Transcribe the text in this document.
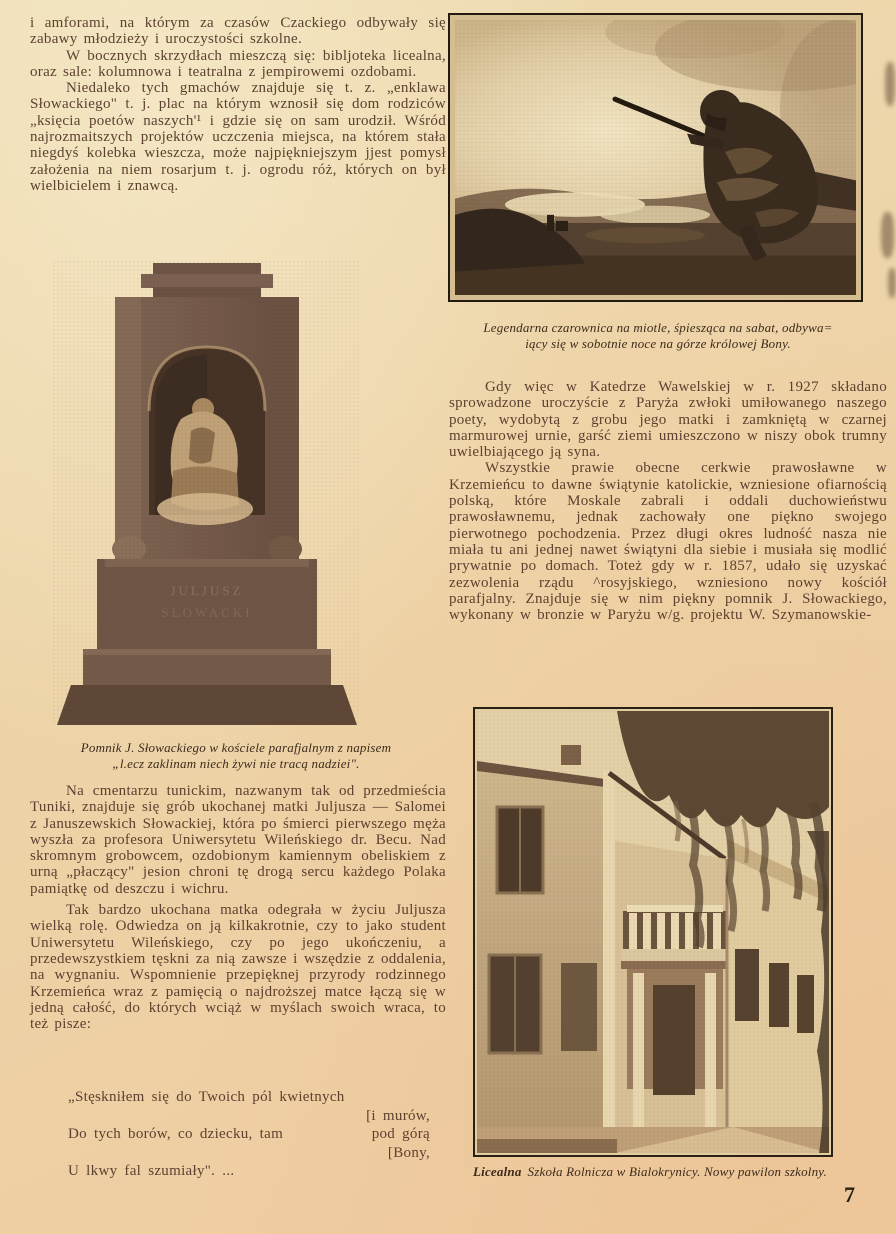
i amforami, na którym za czasów Czackiego odbywały się zabawy młodzieży i uroczystości szkolne.

W bocznych skrzydłach mieszczą się: bibljoteka licealna, oraz sale: kolumnowa i teatralna z jempirowemi ozdobami.

Niedaleko tych gmachów znajduje się t. z. „enklawa Słowackiego" t. j. plac na którym wznosił się dom rodziców „księcia poetów naszych'¹ i gdzie się on sam urodził. Wśród najrozmaitszych projektów uczczenia miejsca, na którem stała niegdyś kolebka wieszcza, może najpiękniejszym jjest pomysł założenia na niem rosarjum t. j. ogrodu róż, których on był wielbicielem i znawcą.

Legendarna czarownica na miotle, śpiesząca na sabat, odbywa=
iący się w sobotnie noce na górze królowej Bony.

Gdy więc w Katedrze Wawelskiej w r. 1927 składano sprowadzone uroczyście z Paryża zwłoki umiłowanego naszego poety, wydobytą z grobu jego matki i zamkniętą w czarnej marmurowej urnie, garść ziemi umieszczono w niszy obok trumny uwielbiającego ją syna.

Wszystkie prawie obecne cerkwie prawosławne w Krzemieńcu to dawne świątynie katolickie, wzniesione ofiarnością polską, które Moskale zabrali i oddali duchowieństwu prawosławnemu, jednak zachowały one piękno swojego pierwotnego pochodzenia. Przez długi okres ludność nasza nie miała tu ani jednej nawet świątyni dla siebie i musiała się modlić prywatnie po domach. Toteż gdy w r. 1857, udało się uzyskać zezwolenia rządu ^rosyjskiego, wzniesiono nowy kościół parafjalny. Znajduje się w nim piękny pomnik J. Słowackiego, wykonany w bronzie w Paryżu w/g. projektu W. Szymanowskie-

JULJUSZ
SŁOWACKI
Pomnik J. Słowackiego w kościele parafjalnym z napisem
„l.ecz zaklinam niech żywi nie tracą nadziei".

Na cmentarzu tunickim, nazwanym tak od przedmieścia Tuniki, znajduje się grób ukochanej matki Juljusza — Salomei z Januszewskich Słowackiej, która po śmierci pierwszego męża wyszła za profesora Uniwersytetu Wileńskiego dr. Becu. Nad skromnym grobowcem, ozdobionym kamiennym obeliskiem z urną „płaczący" jesion chroni tę drogą sercu każdego Polaka pamiątkę od deszczu i wichru.

Tak bardzo ukochana matka odegrała w życiu Juljusza wielką rolę. Odwiedza on ją kilkakrotnie, czy to jako student Uniwersytetu Wileńskiego, czy po jego ukończeniu, a przedewszystkiem tęskni za nią zawsze i wszędzie z oddalenia, na wygnaniu. Wspomnienie przepięknej przyrody rodzinnego Krzemieńca wraz z pamięcią o najdroższej matce łączą się w jedną całość, do których wciąż w myślach swoich wraca, to też pisze:

„Stęskniłem się do Twoich pól kwietnych
[i murów,
Do tych borów, co dziecku, tam	pod górą
[Bony,
U lkwy fal szumiały". ...	Licealna Szkoła Rolnicza w Bialokrynicy. Nowy pawilon szkolny.
7
